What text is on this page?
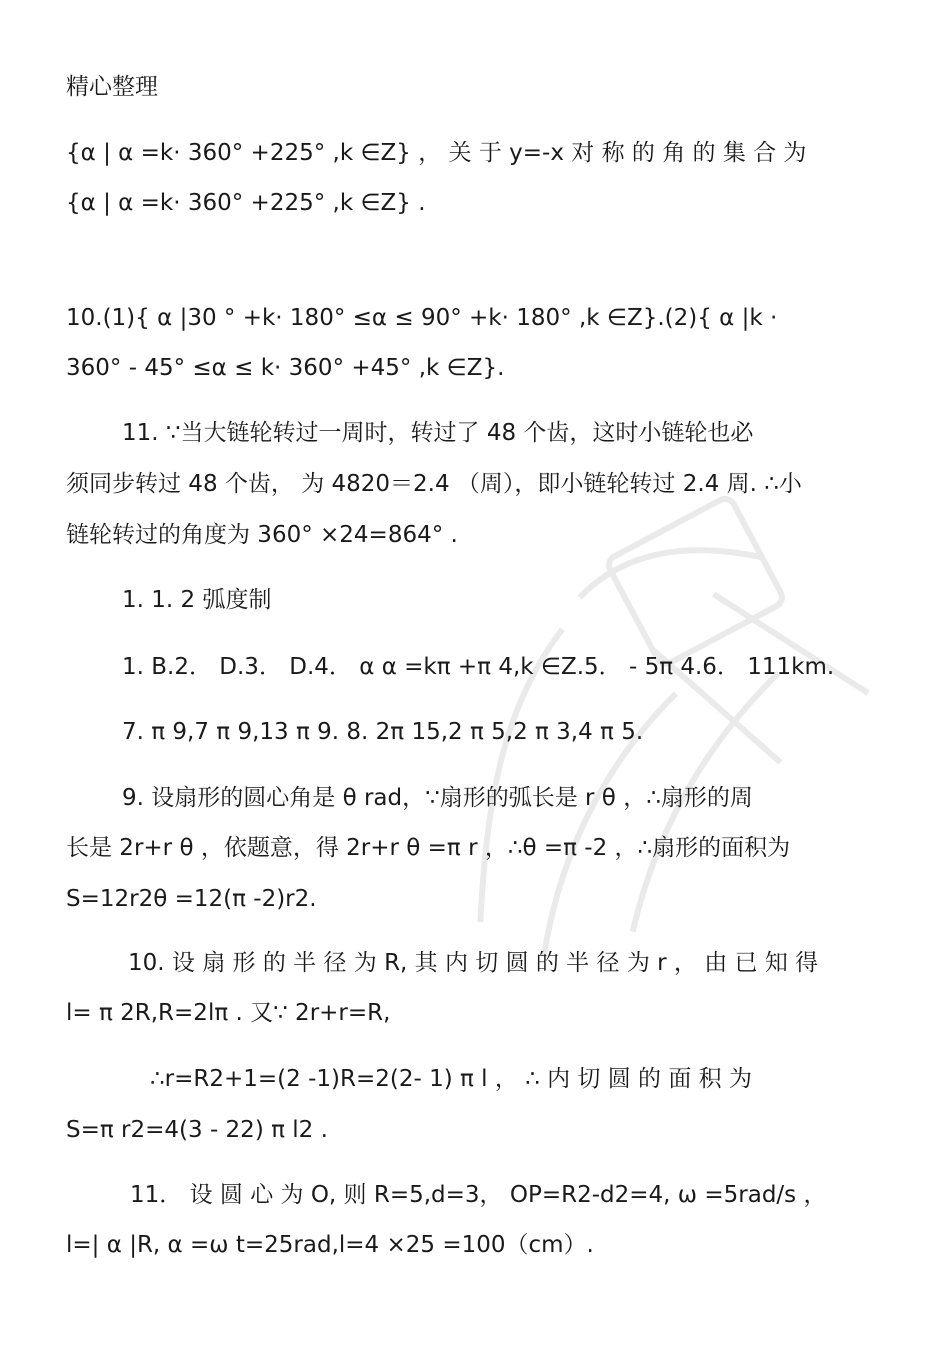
精心整理
{α | α =k· 360° +225° ,k ∈Z} ， 关 于 y=-x 对 称 的 角 的 集 合 为
{α | α =k· 360° +225° ,k ∈Z} .
10.(1){ α |30 ° +k· 180° ≤α ≤ 90° +k· 180° ,k ∈Z}.(2){ α |k ·
360° - 45° ≤α ≤ k· 360° +45° ,k ∈Z}.
11. ∵当大链轮转过一周时，转过了 48 个齿，这时小链轮也必
须同步转过 48 个齿， 为 4820＝2.4 （周），即小链轮转过 2.4 周. ∴小
链轮转过的角度为 360° ×24=864° .
1. 1. 2 弧度制
1. B.2． D.3． D.4． α α =kπ +π 4,k ∈Z.5． - 5π 4.6． 111km.
7. π 9,7 π 9,13 π 9. 8. 2π 15,2 π 5,2 π 3,4 π 5.
9. 设扇形的圆心角是 θ rad，∵扇形的弧长是 r θ ，∴扇形的周
长是 2r+r θ ，依题意，得 2r+r θ =π r ，∴θ =π -2 ，∴扇形的面积为
S=12r2θ =12(π -2)r2.
10. 设 扇 形 的 半 径 为 R, 其 内 切 圆 的 半 径 为 r ， 由 已 知 得
l= π 2R,R=2lπ . 又∵ 2r+r=R,
∴r=R2+1=(2 -1)R=2(2- 1) π l ， ∴ 内 切 圆 的 面 积 为
S=π r2=4(3 - 22) π l2 .
11． 设 圆 心 为 O, 则 R=5,d=3， OP=R2-d2=4, ω =5rad/s ，
l=| α |R, α =ω t=25rad,l=4 ×25 =100（cm）.
